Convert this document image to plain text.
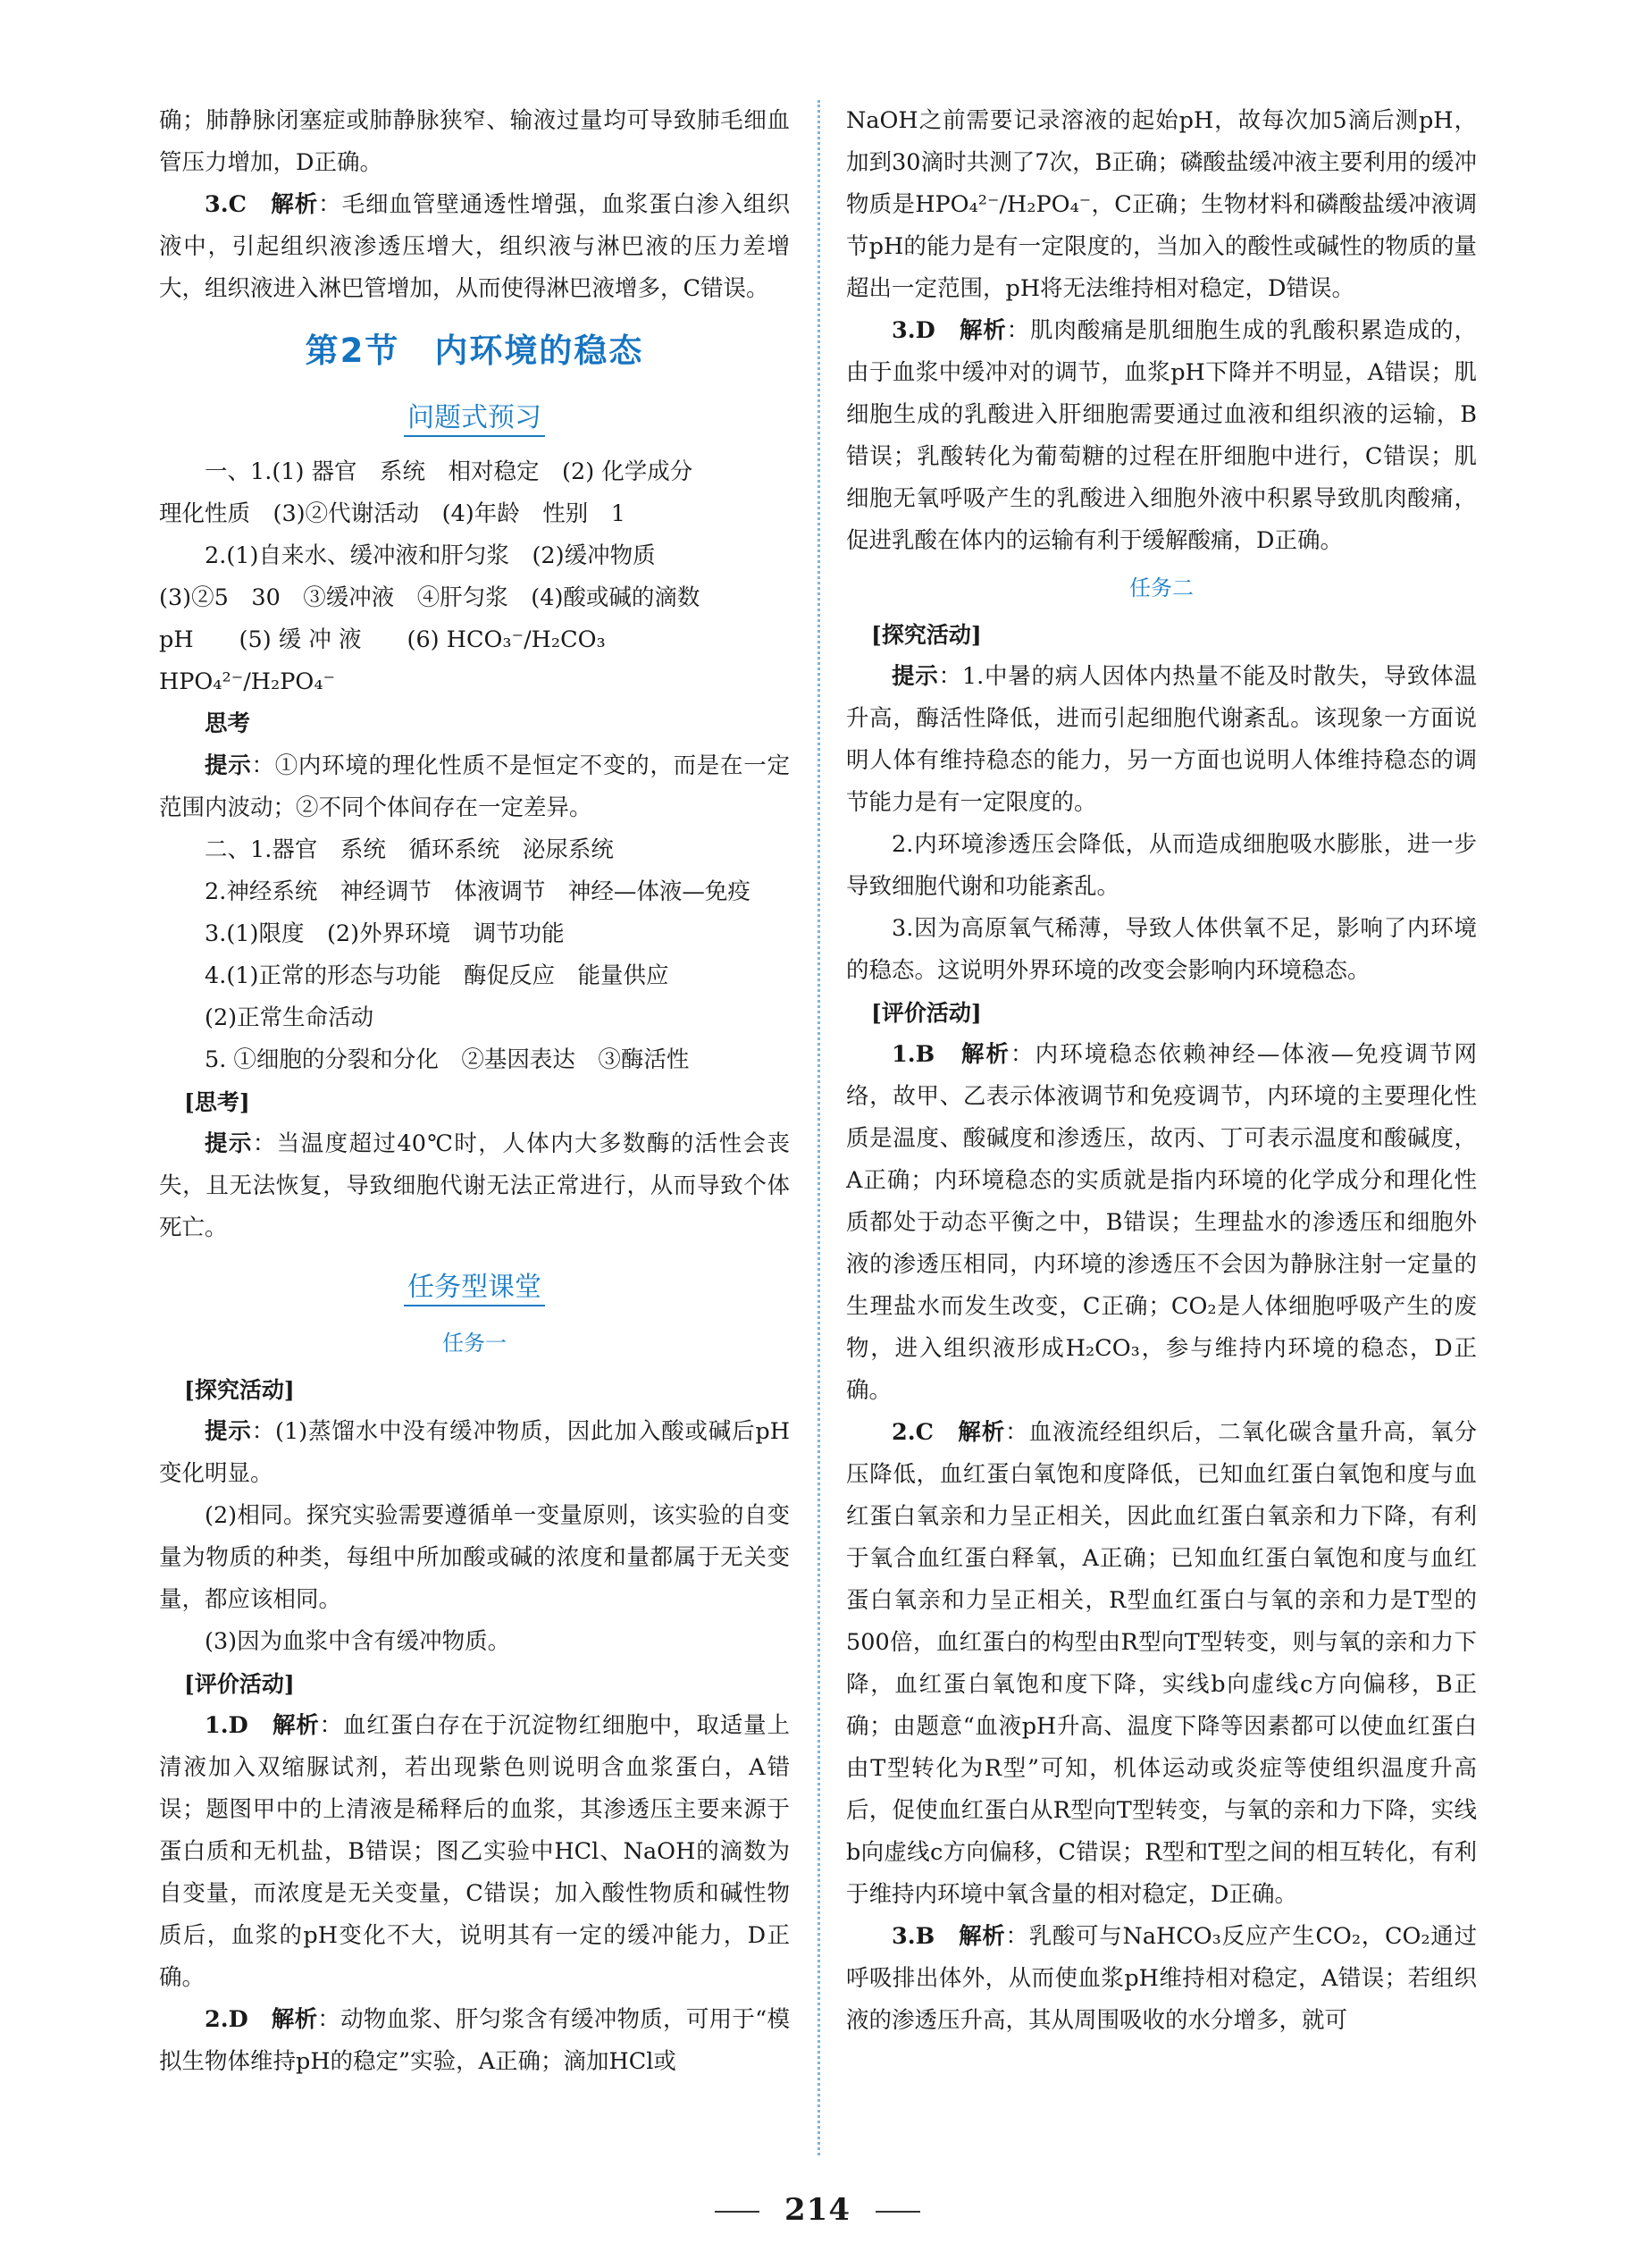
确；肺静脉闭塞症或肺静脉狭窄、输液过量均可导致肺毛细血管压力增加，D正确。

3.C　 解析：毛细血管壁通透性增强，血浆蛋白渗入组织液中，引起组织液渗透压增大，组织液与淋巴液的压力差增大，组织液进入淋巴管增加，从而使得淋巴液增多，C错误。

第2节　内环境的稳态
问题式预习

一、1.(1) 器官　系统　相对稳定　(2) 化学成分

理化性质　(3)②代谢活动　(4)年龄　性别　1

2.(1)自来水、缓冲液和肝匀浆　(2)缓冲物质

(3)②5　30　③缓冲液　④肝匀浆　(4)酸或碱的滴数

pH　　(5) 缓 冲 液　　(6) HCO₃⁻/H₂CO₃

HPO₄²⁻/H₂PO₄⁻

思考

提示：①内环境的理化性质不是恒定不变的，而是在一定范围内波动；②不同个体间存在一定差异。

二、1.器官　系统　循环系统　泌尿系统

2.神经系统　神经调节　体液调节　神经—体液—免疫

3.(1)限度　(2)外界环境　调节功能

4.(1)正常的形态与功能　酶促反应　能量供应

(2)正常生命活动

5. ①细胞的分裂和分化　②基因表达　③酶活性

[思考]

提示：当温度超过40℃时，人体内大多数酶的活性会丧失，且无法恢复，导致细胞代谢无法正常进行，从而导致个体死亡。

任务型课堂
任务一
[探究活动]

提示：(1)蒸馏水中没有缓冲物质，因此加入酸或碱后pH变化明显。

(2)相同。探究实验需要遵循单一变量原则，该实验的自变量为物质的种类，每组中所加酸或碱的浓度和量都属于无关变量，都应该相同。

(3)因为血浆中含有缓冲物质。

[评价活动]

1.D　 解析：血红蛋白存在于沉淀物红细胞中，取适量上清液加入双缩脲试剂，若出现紫色则说明含血浆蛋白，A错误；题图甲中的上清液是稀释后的血浆，其渗透压主要来源于蛋白质和无机盐，B错误；图乙实验中HCl、NaOH的滴数为自变量，而浓度是无关变量，C错误；加入酸性物质和碱性物质后，血浆的pH变化不大，说明其有一定的缓冲能力，D正确。

2.D　 解析：动物血浆、肝匀浆含有缓冲物质，可用于“模拟生物体维持pH的稳定”实验，A正确；滴加HCl或

NaOH之前需要记录溶液的起始pH，故每次加5滴后测pH，加到30滴时共测了7次，B正确；磷酸盐缓冲液主要利用的缓冲物质是HPO₄²⁻/H₂PO₄⁻，C正确；生物材料和磷酸盐缓冲液调节pH的能力是有一定限度的，当加入的酸性或碱性的物质的量超出一定范围，pH将无法维持相对稳定，D错误。

3.D　 解析：肌肉酸痛是肌细胞生成的乳酸积累造成的，由于血浆中缓冲对的调节，血浆pH下降并不明显，A错误；肌细胞生成的乳酸进入肝细胞需要通过血液和组织液的运输，B错误；乳酸转化为葡萄糖的过程在肝细胞中进行，C错误；肌细胞无氧呼吸产生的乳酸进入细胞外液中积累导致肌肉酸痛，促进乳酸在体内的运输有利于缓解酸痛，D正确。

任务二
[探究活动]

提示：1.中暑的病人因体内热量不能及时散失，导致体温升高，酶活性降低，进而引起细胞代谢紊乱。该现象一方面说明人体有维持稳态的能力，另一方面也说明人体维持稳态的调节能力是有一定限度的。

2.内环境渗透压会降低，从而造成细胞吸水膨胀，进一步导致细胞代谢和功能紊乱。

3.因为高原氧气稀薄，导致人体供氧不足，影响了内环境的稳态。这说明外界环境的改变会影响内环境稳态。

[评价活动]

1.B　 解析：内环境稳态依赖神经—体液—免疫调节网络，故甲、乙表示体液调节和免疫调节，内环境的主要理化性质是温度、酸碱度和渗透压，故丙、丁可表示温度和酸碱度，A正确；内环境稳态的实质就是指内环境的化学成分和理化性质都处于动态平衡之中，B错误；生理盐水的渗透压和细胞外液的渗透压相同，内环境的渗透压不会因为静脉注射一定量的生理盐水而发生改变，C正确；CO₂是人体细胞呼吸产生的废物，进入组织液形成H₂CO₃，参与维持内环境的稳态，D正确。

2.C　 解析：血液流经组织后，二氧化碳含量升高，氧分压降低，血红蛋白氧饱和度降低，已知血红蛋白氧饱和度与血红蛋白氧亲和力呈正相关，因此血红蛋白氧亲和力下降，有利于氧合血红蛋白释氧，A正确；已知血红蛋白氧饱和度与血红蛋白氧亲和力呈正相关，R型血红蛋白与氧的亲和力是T型的500倍，血红蛋白的构型由R型向T型转变，则与氧的亲和力下降，血红蛋白氧饱和度下降，实线b向虚线c方向偏移，B正确；由题意“血液pH升高、温度下降等因素都可以使血红蛋白由T型转化为R型”可知，机体运动或炎症等使组织温度升高后，促使血红蛋白从R型向T型转变，与氧的亲和力下降，实线b向虚线c方向偏移，C错误；R型和T型之间的相互转化，有利于维持内环境中氧含量的相对稳定，D正确。

3.B　 解析：乳酸可与NaHCO₃反应产生CO₂，CO₂通过呼吸排出体外，从而使血浆pH维持相对稳定，A错误；若组织液的渗透压升高，其从周围吸收的水分增多，就可

214
